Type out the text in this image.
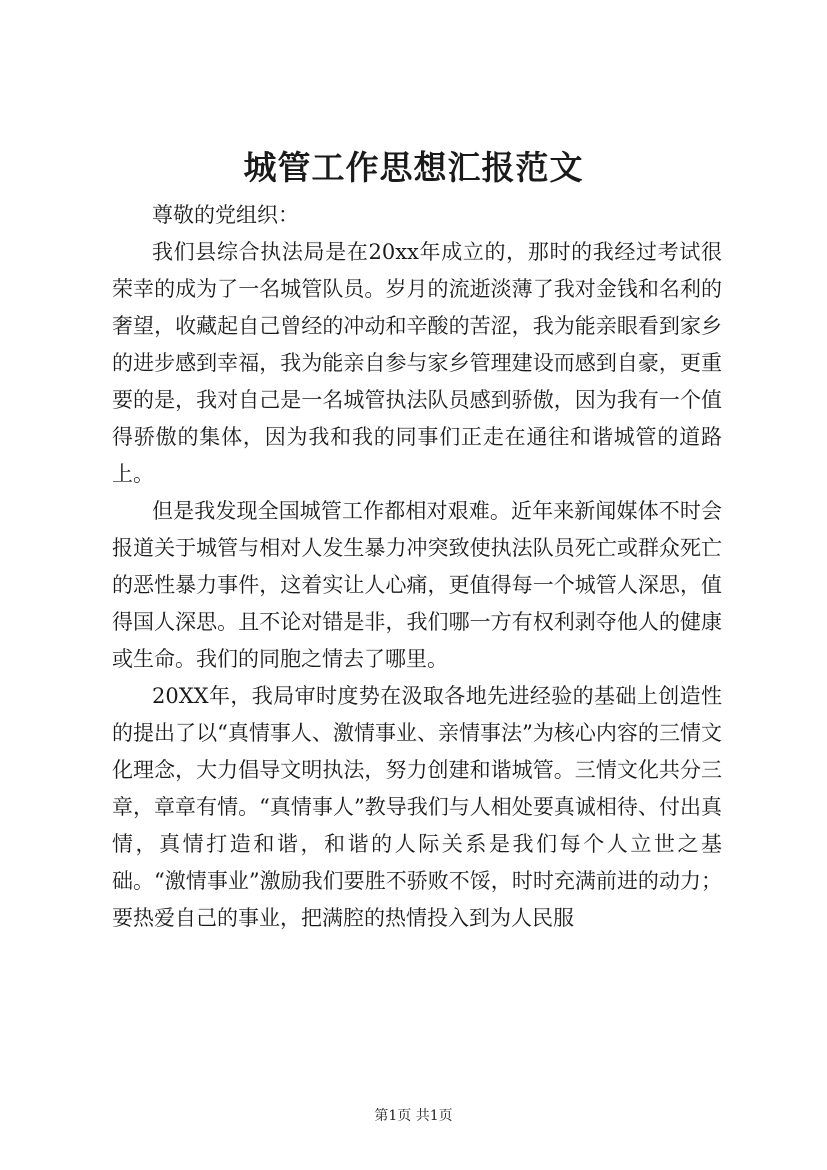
城管工作思想汇报范文

尊敬的党组织：

我们县综合执法局是在20xx年成立的，那时的我经过考试很荣幸的成为了一名城管队员。岁月的流逝淡薄了我对金钱和名利的奢望，收藏起自己曾经的冲动和辛酸的苦涩，我为能亲眼看到家乡的进步感到幸福，我为能亲自参与家乡管理建设而感到自豪，更重要的是，我对自己是一名城管执法队员感到骄傲，因为我有一个值得骄傲的集体，因为我和我的同事们正走在通往和谐城管的道路上。

但是我发现全国城管工作都相对艰难。近年来新闻媒体不时会报道关于城管与相对人发生暴力冲突致使执法队员死亡或群众死亡的恶性暴力事件，这着实让人心痛，更值得每一个城管人深思，值得国人深思。且不论对错是非，我们哪一方有权利剥夺他人的健康或生命。我们的同胞之情去了哪里。

20XX年，我局审时度势在汲取各地先进经验的基础上创造性的提出了以“真情事人、激情事业、亲情事法”为核心内容的三情文化理念，大力倡导文明执法，努力创建和谐城管。三情文化共分三章，章章有情。“真情事人”教导我们与人相处要真诚相待、付出真情，真情打造和谐，和谐的人际关系是我们每个人立世之基础。“激情事业”激励我们要胜不骄败不馁，时时充满前进的动力；要热爱自己的事业，把满腔的热情投入到为人民服

第1页 共1页
